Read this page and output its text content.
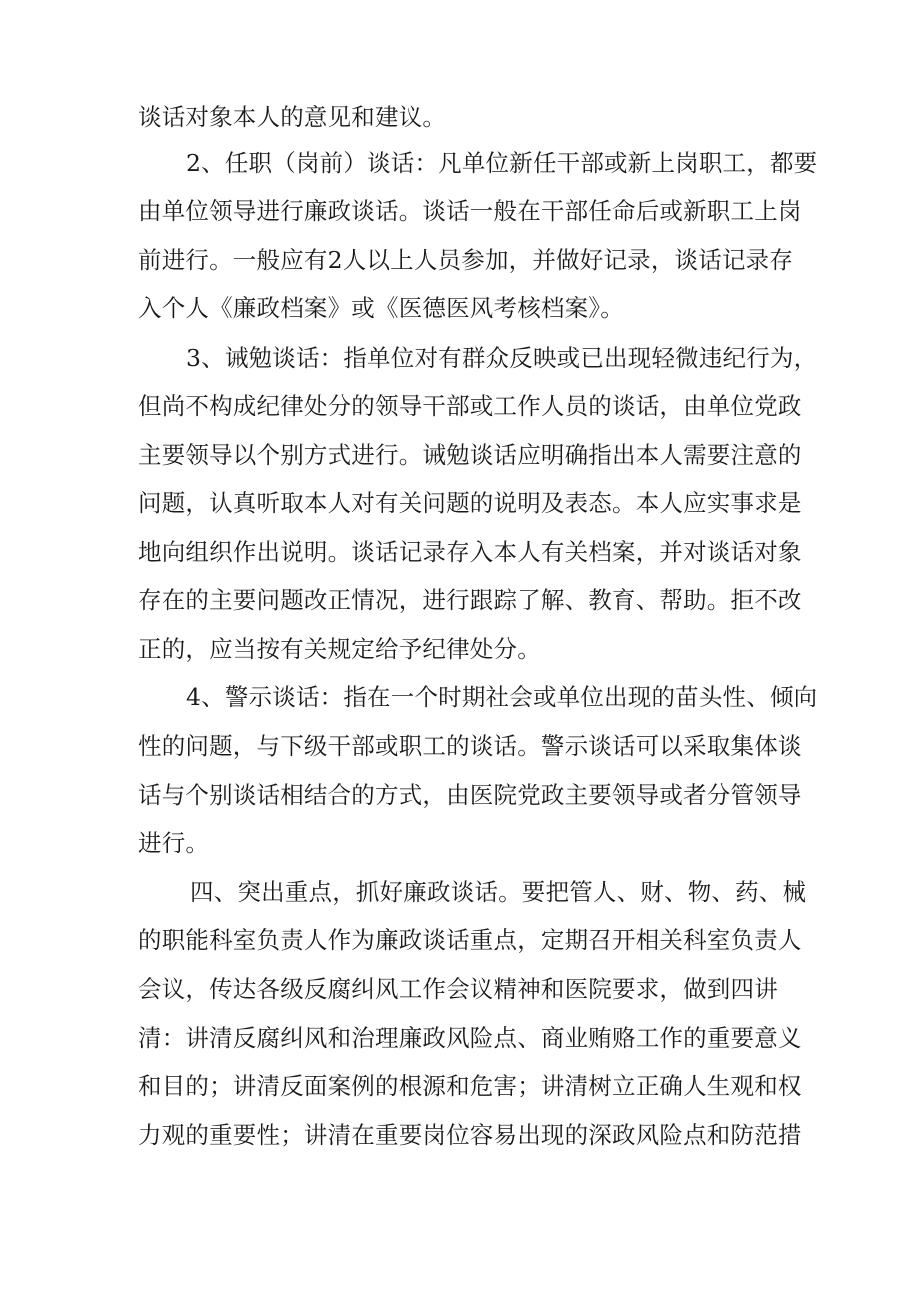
谈话对象本人的意见和建议。
2、任职（岗前）谈话：凡单位新任干部或新上岗职工，都要
由单位领导进行廉政谈话。谈话一般在干部任命后或新职工上岗
前进行。一般应有2人以上人员参加，并做好记录，谈话记录存
入个人《廉政档案》或《医德医风考核档案》。
3、诫勉谈话：指单位对有群众反映或已出现轻微违纪行为，
但尚不构成纪律处分的领导干部或工作人员的谈话，由单位党政
主要领导以个别方式进行。诫勉谈话应明确指出本人需要注意的
问题，认真听取本人对有关问题的说明及表态。本人应实事求是
地向组织作出说明。谈话记录存入本人有关档案，并对谈话对象
存在的主要问题改正情况，进行跟踪了解、教育、帮助。拒不改
正的，应当按有关规定给予纪律处分。
4、警示谈话：指在一个时期社会或单位出现的苗头性、倾向
性的问题，与下级干部或职工的谈话。警示谈话可以采取集体谈
话与个别谈话相结合的方式，由医院党政主要领导或者分管领导
进行。
四、突出重点，抓好廉政谈话。要把管人、财、物、药、械
的职能科室负责人作为廉政谈话重点，定期召开相关科室负责人
会议，传达各级反腐纠风工作会议精神和医院要求，做到四讲
清：讲清反腐纠风和治理廉政风险点、商业贿赂工作的重要意义
和目的；讲清反面案例的根源和危害；讲清树立正确人生观和权
力观的重要性；讲清在重要岗位容易出现的深政风险点和防范措
